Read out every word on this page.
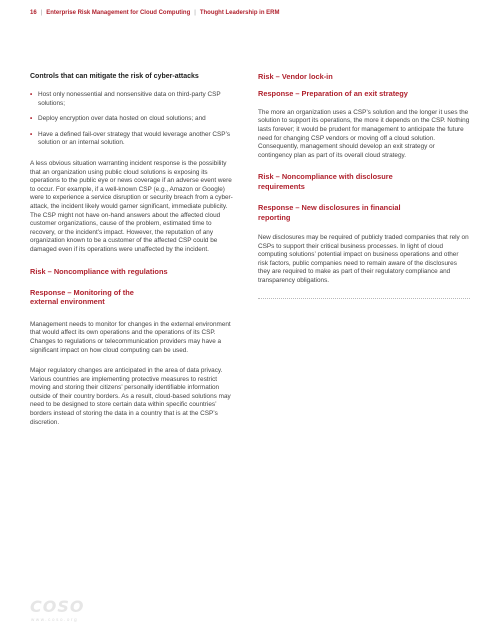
16 | Enterprise Risk Management for Cloud Computing | Thought Leadership in ERM
Controls that can mitigate the risk of cyber-attacks
• Host only nonessential and nonsensitive data on third-party CSP solutions;
• Deploy encryption over data hosted on cloud solutions; and
• Have a defined fail-over strategy that would leverage another CSP’s solution or an internal solution.

A less obvious situation warranting incident response is the possibility that an organization using public cloud solutions is exposing its operations to the public eye or news coverage if an adverse event were to occur. For example, if a well-known CSP (e.g., Amazon or Google) were to experience a service disruption or security breach from a cyber-attack, the incident likely would garner significant, immediate publicity. The CSP might not have on-hand answers about the affected cloud customer organizations, cause of the problem, estimated time to recovery, or the incident’s impact. However, the reputation of any organization known to be a customer of the affected CSP could be damaged even if its operations were unaffected by the incident.

Risk – Noncompliance with regulations
Response – Monitoring of the external environment

Management needs to monitor for changes in the external environment that would affect its own operations and the operations of its CSP. Changes to regulations or telecommunication providers may have a significant impact on how cloud computing can be used.

Major regulatory changes are anticipated in the area of data privacy. Various countries are implementing protective measures to restrict moving and storing their citizens’ personally identifiable information outside of their country borders. As a result, cloud-based solutions may need to be designed to store certain data within specific countries’ borders instead of storing the data in a country that is at the CSP’s discretion.

Risk – Vendor lock-in
Response – Preparation of an exit strategy

The more an organization uses a CSP’s solution and the longer it uses the solution to support its operations, the more it depends on the CSP. Nothing lasts forever; it would be prudent for management to anticipate the future need for changing CSP vendors or moving off a cloud solution. Consequently, management should develop an exit strategy or contingency plan as part of its overall cloud strategy.

Risk – Noncompliance with disclosure requirements
Response – New disclosures in financial reporting

New disclosures may be required of publicly traded companies that rely on CSPs to support their critical business processes. In light of cloud computing solutions’ potential impact on business operations and other risk factors, public companies need to remain aware of the disclosures they are required to make as part of their regulatory compliance and transparency obligations.

COSO
www.coso.org
